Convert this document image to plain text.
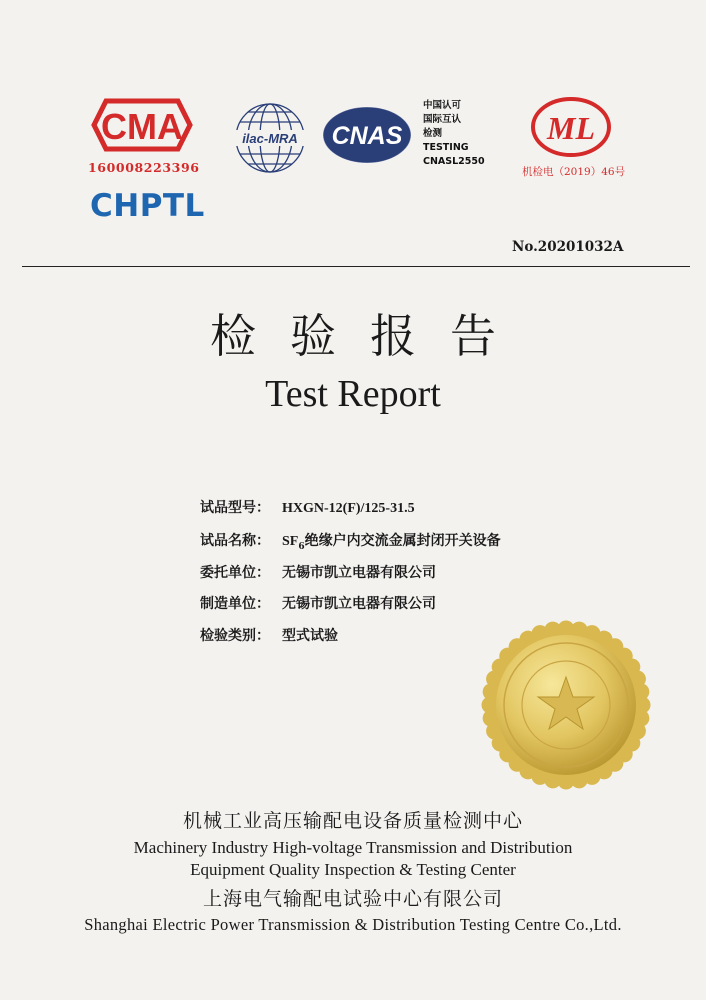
CMA
160008223396
CHPTL
ilac-MRA CNAS
中国认可
国际互认
检测
TESTING
CNASL2550
ML
机检电（2019）46号
No.20201032A
检验报告
Test Report
试品型号： HXGN-12(F)/125-31.5
试品名称： $SF_6$绝缘户内交流金属封闭开关设备
委托单位： 无锡市凯立电器有限公司
制造单位： 无锡市凯立电器有限公司
检验类别： 型式试验
机械工业高压输配电设备质量检测中心
Machinery Industry High-voltage Transmission and Distribution
Equipment Quality Inspection & Testing Center
上海电气输配电试验中心有限公司
Shanghai Electric Power Transmission & Distribution Testing Centre Co.,Ltd.
